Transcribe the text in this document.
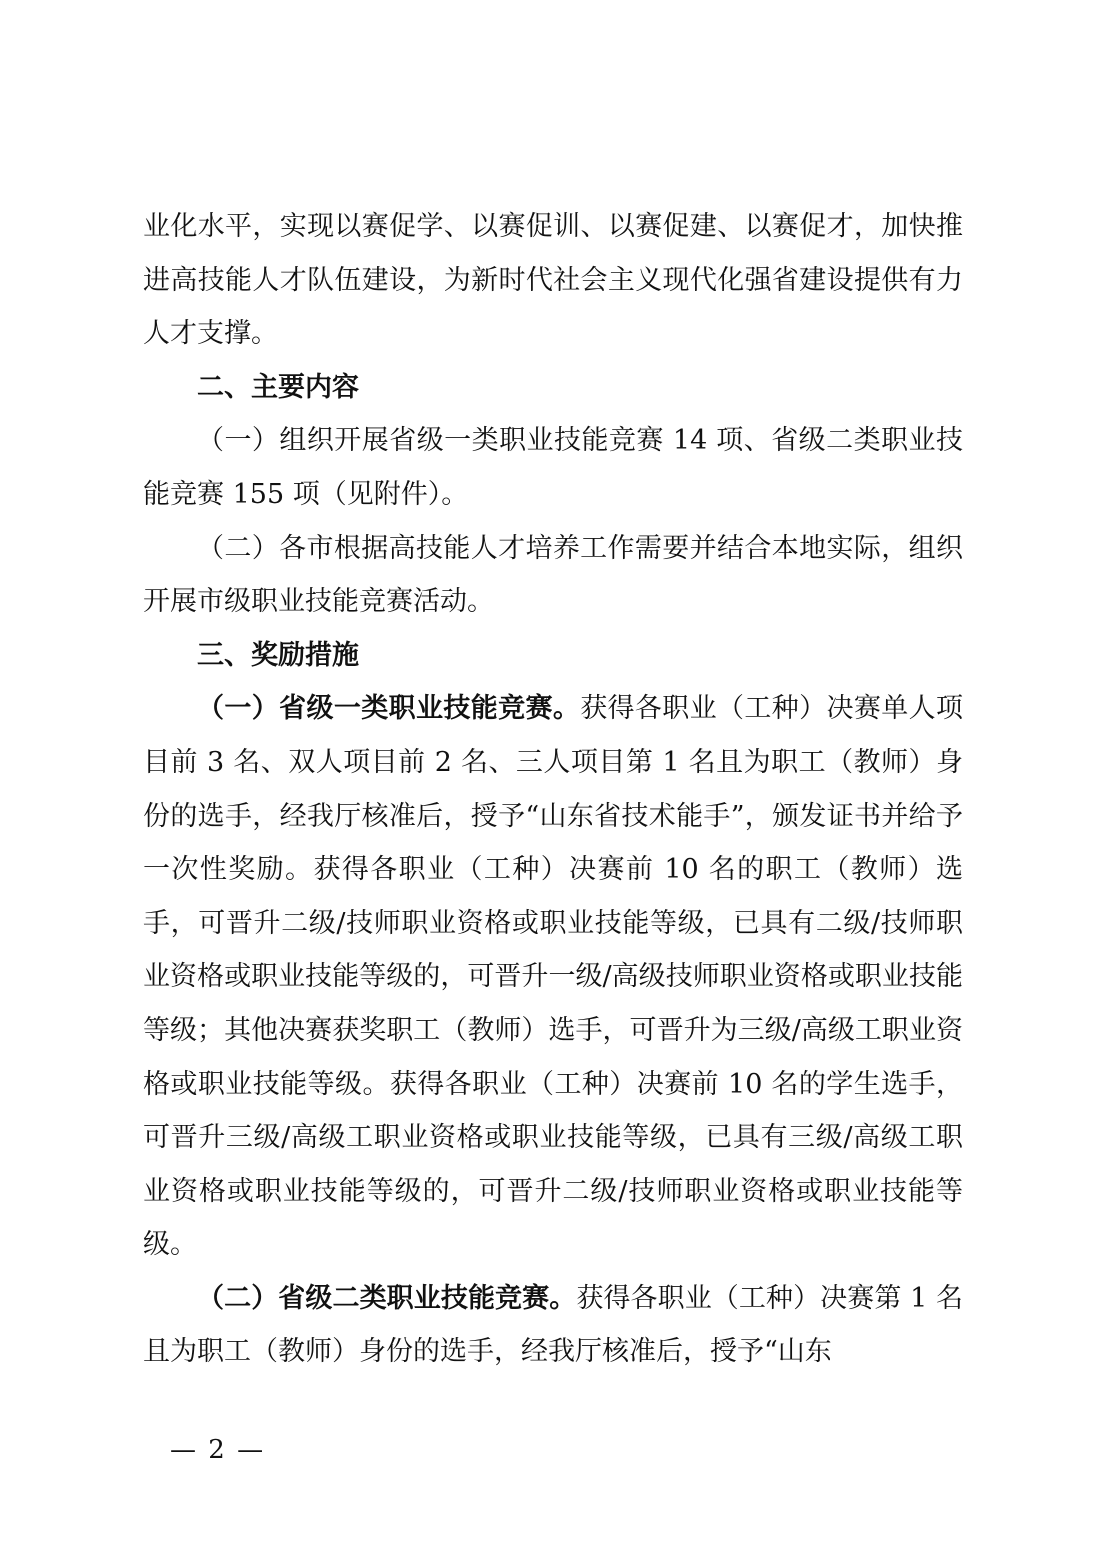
业化水平，实现以赛促学、以赛促训、以赛促建、以赛促才，加快推进高技能人才队伍建设，为新时代社会主义现代化强省建设提供有力人才支撑。

二、主要内容

（一）组织开展省级一类职业技能竞赛 14 项、省级二类职业技能竞赛 155 项（见附件）。

（二）各市根据高技能人才培养工作需要并结合本地实际，组织开展市级职业技能竞赛活动。

三、奖励措施

（一）省级一类职业技能竞赛。获得各职业（工种）决赛单人项目前 3 名、双人项目前 2 名、三人项目第 1 名且为职工（教师）身份的选手，经我厅核准后，授予“山东省技术能手”，颁发证书并给予一次性奖励。获得各职业（工种）决赛前 10 名的职工（教师）选手，可晋升二级/技师职业资格或职业技能等级，已具有二级/技师职业资格或职业技能等级的，可晋升一级/高级技师职业资格或职业技能等级；其他决赛获奖职工（教师）选手，可晋升为三级/高级工职业资格或职业技能等级。获得各职业（工种）决赛前 10 名的学生选手，可晋升三级/高级工职业资格或职业技能等级，已具有三级/高级工职业资格或职业技能等级的，可晋升二级/技师职业资格或职业技能等级。

（二）省级二类职业技能竞赛。获得各职业（工种）决赛第 1 名且为职工（教师）身份的选手，经我厅核准后，授予“山东

— 2 —
